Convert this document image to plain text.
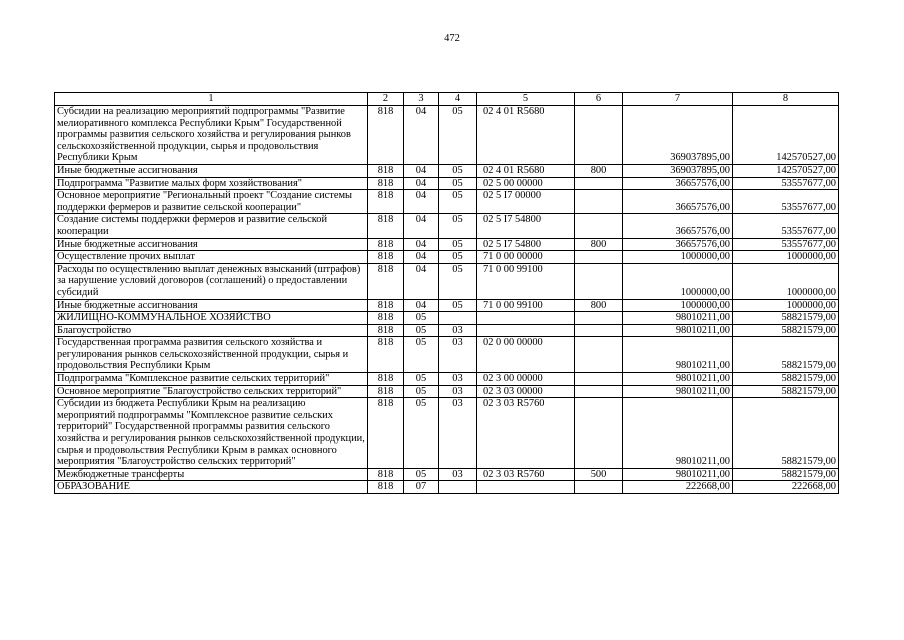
472
1	2	3	4	5	6	7	8
Субсидии на реализацию мероприятий подпрограммы "Развитие мелиоративного комплекса Республики Крым" Государственной программы развития сельского хозяйства и регулирования рынков сельскохозяйственной продукции, сырья и продовольствия Республики Крым	818	04	05	02 4 01 R5680		369037895,00	142570527,00
Иные бюджетные ассигнования	818	04	05	02 4 01 R5680	800	369037895,00	142570527,00
Подпрограмма "Развитие малых форм хозяйствования"	818	04	05	02 5 00 00000		36657576,00	53557677,00
Основное мероприятие "Региональный проект "Создание системы поддержки фермеров и развитие сельской кооперации"	818	04	05	02 5 I7 00000		36657576,00	53557677,00
Создание системы поддержки фермеров и развитие сельской кооперации	818	04	05	02 5 I7 54800		36657576,00	53557677,00
Иные бюджетные ассигнования	818	04	05	02 5 I7 54800	800	36657576,00	53557677,00
Осуществление прочих выплат	818	04	05	71 0 00 00000		1000000,00	1000000,00
Расходы по осуществлению выплат денежных взысканий (штрафов) за нарушение условий договоров (соглашений) о предоставлении субсидий	818	04	05	71 0 00 99100		1000000,00	1000000,00
Иные бюджетные ассигнования	818	04	05	71 0 00 99100	800	1000000,00	1000000,00
ЖИЛИЩНО-КОММУНАЛЬНОЕ ХОЗЯЙСТВО	818	05				98010211,00	58821579,00
Благоустройство	818	05	03			98010211,00	58821579,00
Государственная программа развития сельского хозяйства и регулирования рынков сельскохозяйственной продукции, сырья и продовольствия Республики Крым	818	05	03	02 0 00 00000		98010211,00	58821579,00
Подпрограмма "Комплексное развитие сельских территорий"	818	05	03	02 3 00 00000		98010211,00	58821579,00
Основное мероприятие "Благоустройство сельских территорий"	818	05	03	02 3 03 00000		98010211,00	58821579,00
Субсидии из бюджета Республики Крым на реализацию мероприятий подпрограммы "Комплексное развитие сельских территорий" Государственной программы развития сельского хозяйства и регулирования рынков сельскохозяйственной продукции, сырья и продовольствия Республики Крым в рамках основного мероприятия "Благоустройство сельских территорий"	818	05	03	02 3 03 R5760		98010211,00	58821579,00
Межбюджетные трансферты	818	05	03	02 3 03 R5760	500	98010211,00	58821579,00
ОБРАЗОВАНИЕ	818	07				222668,00	222668,00
